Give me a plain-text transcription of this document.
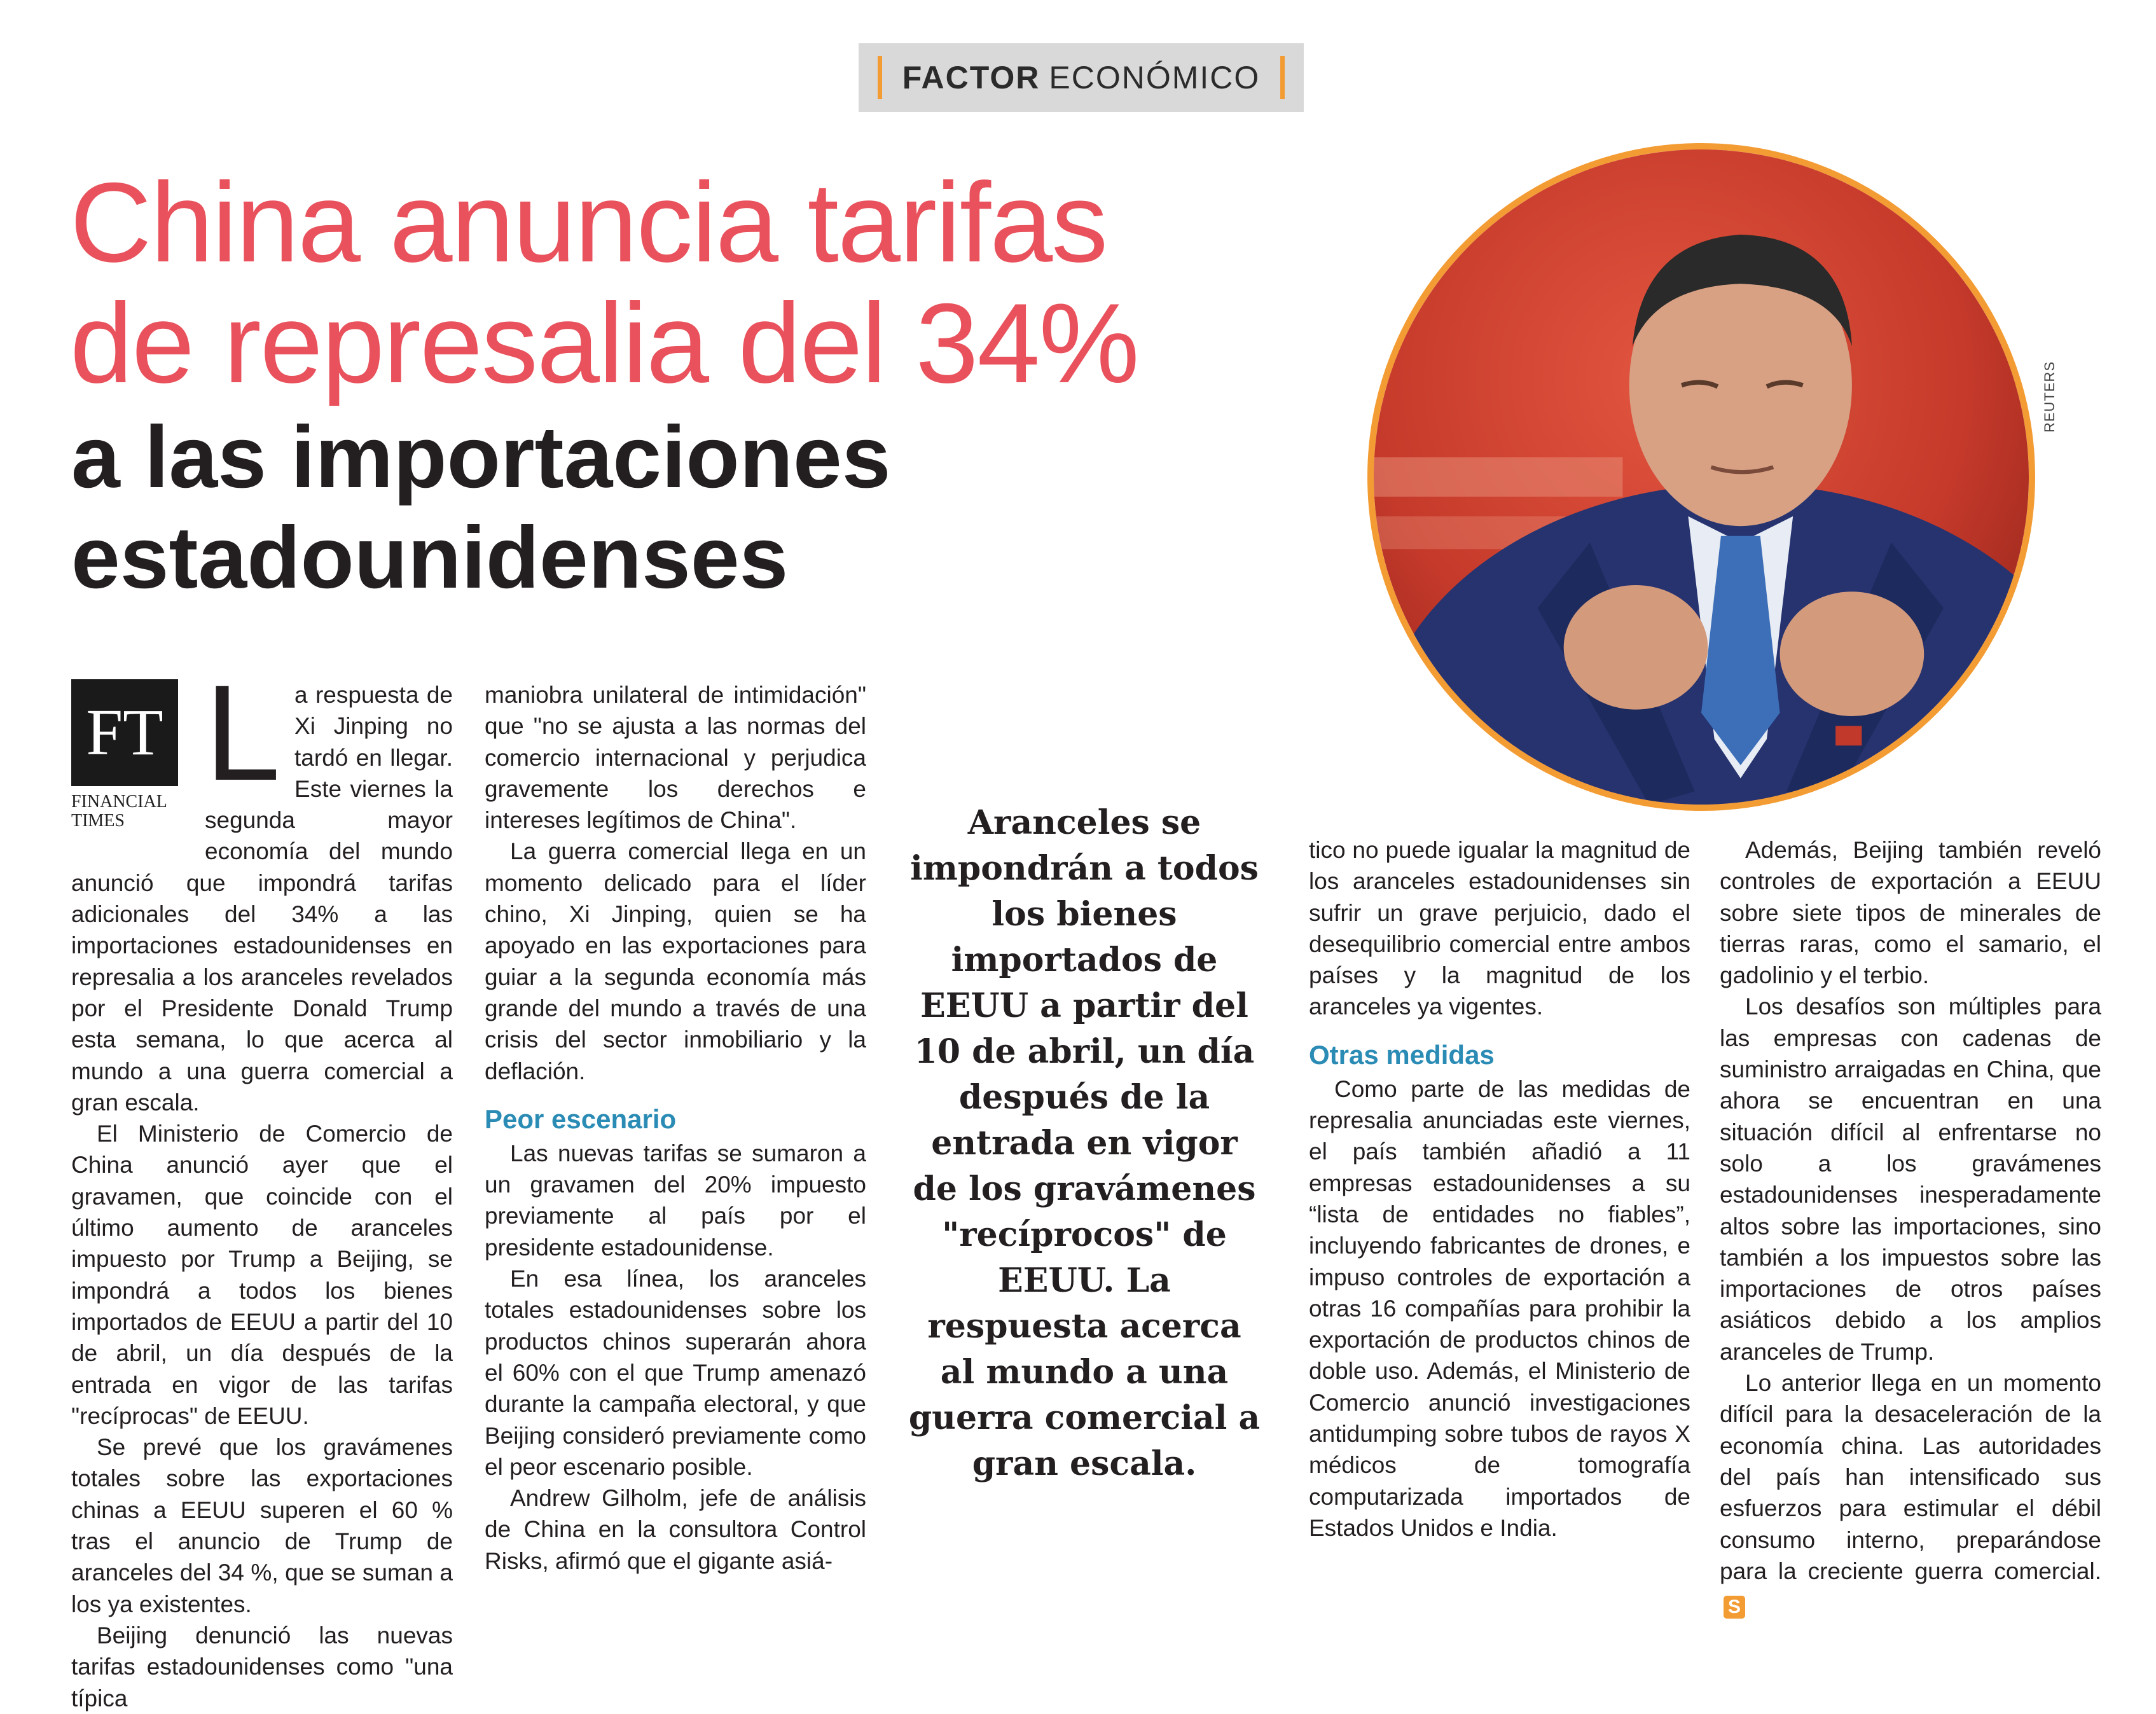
FACTOR ECONÓMICO
China anuncia tarifas
de represalia del 34%
a las importaciones
estadounidenses
REUTERS
FT
FINANCIAL
TIMES
L a respuesta de Xi Jinping no tardó en llegar. Este viernes la segunda mayor economía del mundo anunció que impondrá tarifas adicionales del 34% a las importaciones estadounidenses en represalia a los aranceles revelados por el Presidente Donald Trump esta semana, lo que acerca al mundo a una guerra comercial a gran escala.

El Ministerio de Comercio de China anunció ayer que el gravamen, que coincide con el último aumento de aranceles impuesto por Trump a Beijing, se impondrá a todos los bienes importados de EEUU a partir del 10 de abril, un día después de la entrada en vigor de las tarifas "recíprocas" de EEUU.

Se prevé que los gravámenes totales sobre las exportaciones chinas a EEUU superen el 60 % tras el anuncio de Trump de aranceles del 34 %, que se suman a los ya existentes.

Beijing denunció las nuevas tarifas estadounidenses como "una típica

maniobra unilateral de intimidación" que "no se ajusta a las normas del comercio internacional y perjudica gravemente los derechos e intereses legítimos de China".

La guerra comercial llega en un momento delicado para el líder chino, Xi Jinping, quien se ha apoyado en las exportaciones para guiar a la segunda economía más grande del mundo a través de una crisis del sector inmobiliario y la deflación.

Peor escenario

Las nuevas tarifas se sumaron a un gravamen del 20% impuesto previamente al país por el presidente estadounidense.

En esa línea, los aranceles totales estadounidenses sobre los productos chinos superarán ahora el 60% con el que Trump amenazó durante la campaña electoral, y que Beijing consideró previamente como el peor escenario posible.

Andrew Gilholm, jefe de análisis de China en la consultora Control Risks, afirmó que el gigante asiá-

Aranceles se impondrán a todos los bienes importados de EEUU a partir del 10 de abril, un día después de la entrada en vigor de los gravámenes "recíprocos" de EEUU. La respuesta acerca al mundo a una guerra comercial a gran escala.

tico no puede igualar la magnitud de los aranceles estadounidenses sin sufrir un grave perjuicio, dado el desequilibrio comercial entre ambos países y la magnitud de los aranceles ya vigentes.

Otras medidas

Como parte de las medidas de represalia anunciadas este viernes, el país también añadió a 11 empresas estadounidenses a su “lista de entidades no fiables”, incluyendo fabricantes de drones, e impuso controles de exportación a otras 16 compañías para prohibir la exportación de productos chinos de doble uso. Además, el Ministerio de Comercio anunció investigaciones antidumping sobre tubos de rayos X médicos de tomografía computarizada importados de Estados Unidos e India.

Además, Beijing también reveló controles de exportación a EEUU sobre siete tipos de minerales de tierras raras, como el samario, el gadolinio y el terbio.

Los desafíos son múltiples para las empresas con cadenas de suministro arraigadas en China, que ahora se encuentran en una situación difícil al enfrentarse no solo a los gravámenes estadounidenses inesperadamente altos sobre las importaciones, sino también a los impuestos sobre las importaciones de otros países asiáticos debido a los amplios aranceles de Trump.

Lo anterior llega en un momento difícil para la desaceleración de la economía china. Las autoridades del país han intensificado sus esfuerzos para estimular el débil consumo interno, preparándose para la creciente guerra comercial.S
